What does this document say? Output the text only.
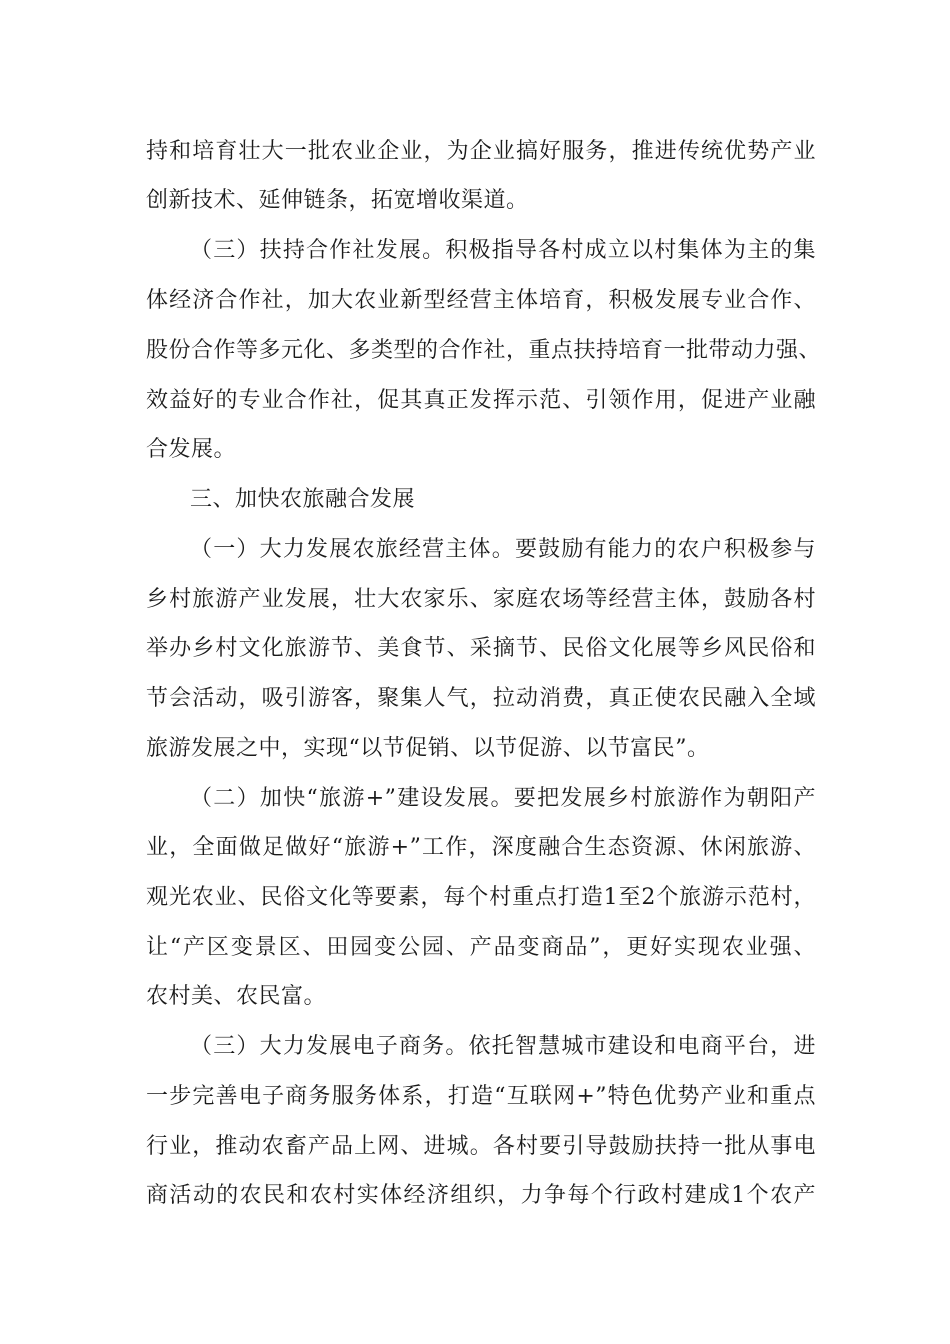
持和培育壮大一批农业企业，为企业搞好服务，推进传统优势产业
创新技术、延伸链条，拓宽增收渠道。
（三）扶持合作社发展。积极指导各村成立以村集体为主的集
体经济合作社，加大农业新型经营主体培育，积极发展专业合作、
股份合作等多元化、多类型的合作社，重点扶持培育一批带动力强、
效益好的专业合作社，促其真正发挥示范、引领作用，促进产业融
合发展。
三、加快农旅融合发展
（一）大力发展农旅经营主体。要鼓励有能力的农户积极参与
乡村旅游产业发展，壮大农家乐、家庭农场等经营主体，鼓励各村
举办乡村文化旅游节、美食节、采摘节、民俗文化展等乡风民俗和
节会活动，吸引游客，聚集人气，拉动消费，真正使农民融入全域
旅游发展之中，实现“以节促销、以节促游、以节富民”。
（二）加快“旅游+”建设发展。要把发展乡村旅游作为朝阳产
业，全面做足做好“旅游+”工作，深度融合生态资源、休闲旅游、
观光农业、民俗文化等要素，每个村重点打造1至2个旅游示范村，
让“产区变景区、田园变公园、产品变商品”，更好实现农业强、
农村美、农民富。
（三）大力发展电子商务。依托智慧城市建设和电商平台，进
一步完善电子商务服务体系，打造“互联网+”特色优势产业和重点
行业，推动农畜产品上网、进城。各村要引导鼓励扶持一批从事电
商活动的农民和农村实体经济组织，力争每个行政村建成1个农产
